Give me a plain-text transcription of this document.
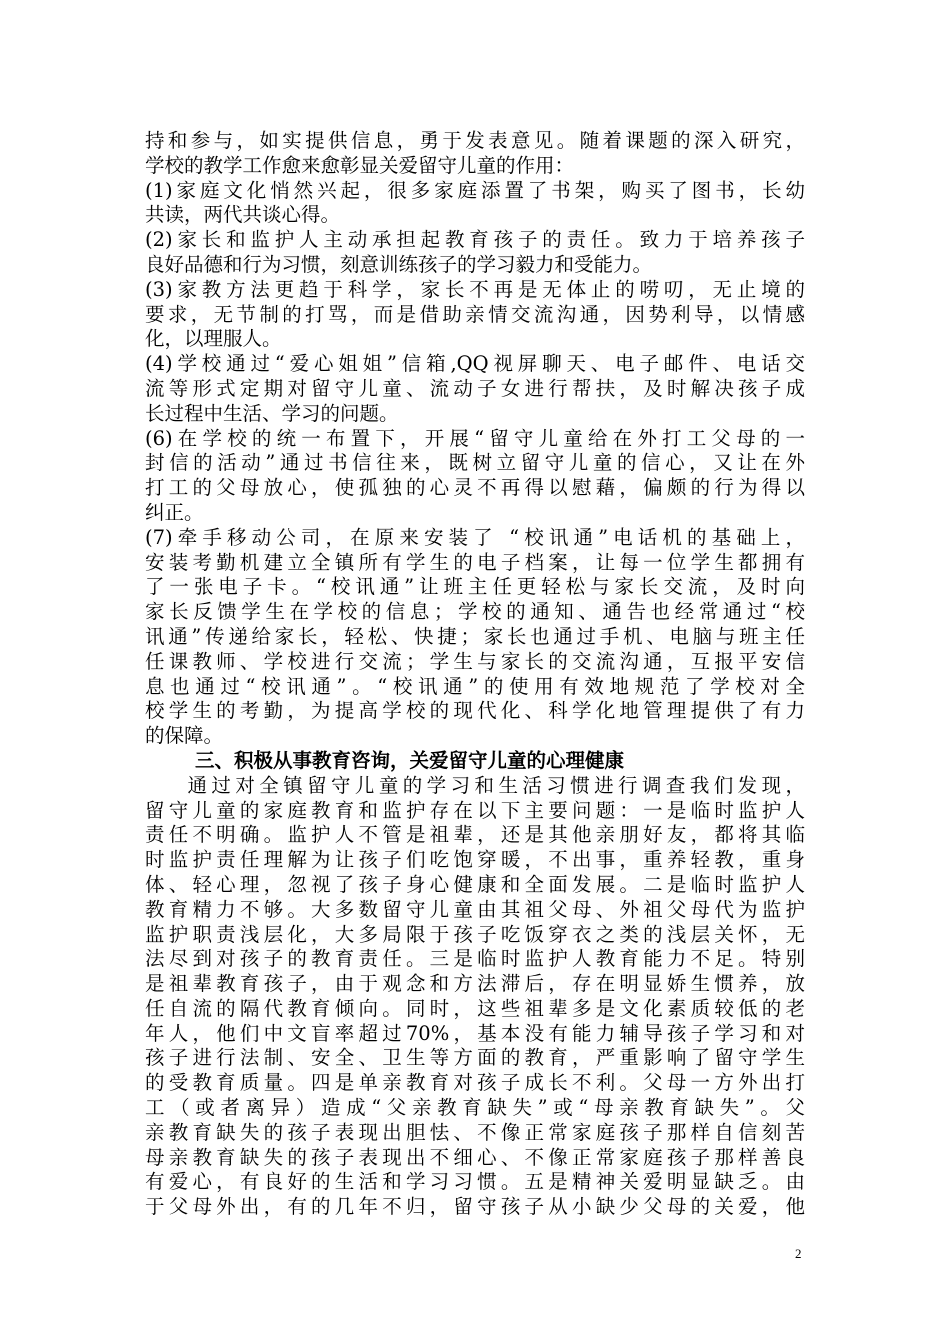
持和参与，如实提供信息，勇于发表意见。随着课题的深入研究，
学校的教学工作愈来愈彰显关爱留守儿童的作用：
(1)家庭文化悄然兴起，很多家庭添置了书架，购买了图书，长幼
共读，两代共谈心得。
(2)家长和监护人主动承担起教育孩子的责任。致力于培养孩子
良好品德和行为习惯，刻意训练孩子的学习毅力和受能力。
(3)家教方法更趋于科学，家长不再是无体止的唠叨，无止境的
要求，无节制的打骂，而是借助亲情交流沟通，因势利导，以情感
化，以理服人。
(4)学校通过“爱心姐姐”信箱,QQ视屏聊天、电子邮件、电话交
流等形式定期对留守儿童、流动子女进行帮扶，及时解决孩子成
长过程中生活、学习的问题。
(6)在学校的统一布置下，开展“留守儿童给在外打工父母的一
封信的活动”通过书信往来，既树立留守儿童的信心，又让在外
打工的父母放心，使孤独的心灵不再得以慰藉，偏颇的行为得以
纠正。
(7)牵手移动公司，在原来安装了 “校讯通”电话机的基础上，
安装考勤机建立全镇所有学生的电子档案，让每一位学生都拥有
了一张电子卡。“校讯通”让班主任更轻松与家长交流，及时向
家长反馈学生在学校的信息；学校的通知、通告也经常通过“校
讯通”传递给家长，轻松、快捷；家长也通过手机、电脑与班主任
任课教师、学校进行交流；学生与家长的交流沟通，互报平安信
息也通过“校讯通”。“校讯通”的使用有效地规范了学校对全
校学生的考勤，为提高学校的现代化、科学化地管理提供了有力
的保障。
三、积极从事教育咨询，关爱留守儿童的心理健康
通过对全镇留守儿童的学习和生活习惯进行调查我们发现，
留守儿童的家庭教育和监护存在以下主要问题：一是临时监护人
责任不明确。监护人不管是祖辈，还是其他亲朋好友，都将其临
时监护责任理解为让孩子们吃饱穿暖，不出事，重养轻教，重身
体、轻心理，忽视了孩子身心健康和全面发展。二是临时监护人
教育精力不够。大多数留守儿童由其祖父母、外祖父母代为监护
监护职责浅层化，大多局限于孩子吃饭穿衣之类的浅层关怀，无
法尽到对孩子的教育责任。三是临时监护人教育能力不足。特别
是祖辈教育孩子，由于观念和方法滞后，存在明显娇生惯养，放
任自流的隔代教育倾向。同时，这些祖辈多是文化素质较低的老
年人，他们中文盲率超过70%，基本没有能力辅导孩子学习和对
孩子进行法制、安全、卫生等方面的教育，严重影响了留守学生
的受教育质量。四是单亲教育对孩子成长不利。父母一方外出打
工（或者离异）造成“父亲教育缺失”或“母亲教育缺失”。父
亲教育缺失的孩子表现出胆怯、不像正常家庭孩子那样自信刻苦
母亲教育缺失的孩子表现出不细心、不像正常家庭孩子那样善良
有爱心，有良好的生活和学习习惯。五是精神关爱明显缺乏。由
于父母外出，有的几年不归，留守孩子从小缺少父母的关爱，他
2
